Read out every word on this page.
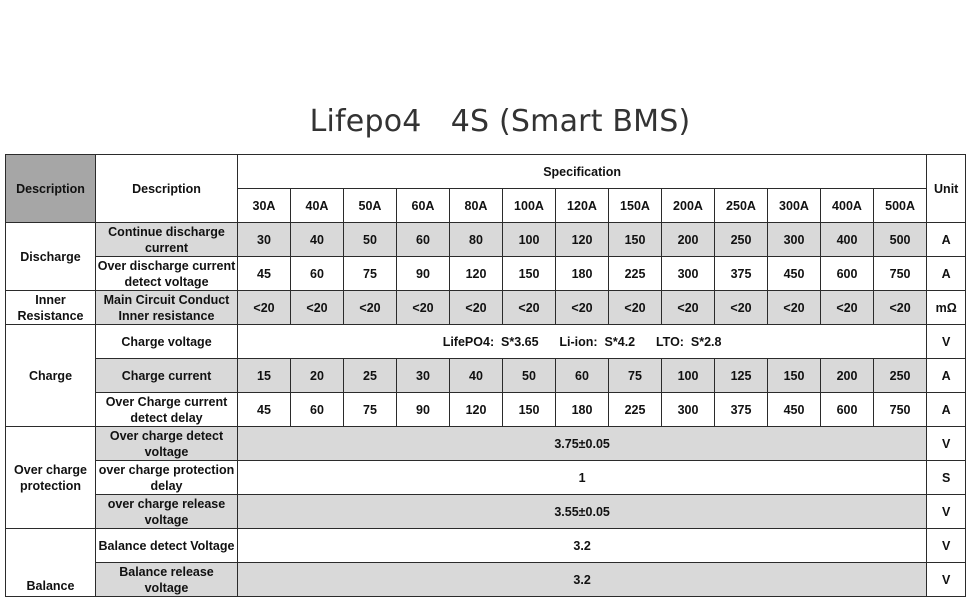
Lifepo4   4S (Smart BMS)
Description	Description	Specification													Unit
		30A	40A	50A	60A	80A	100A	120A	150A	200A	250A	300A	400A	500A	
Discharge	Continue discharge current	30	40	50	60	80	100	120	150	200	250	300	400	500	A
	Over discharge current detect voltage	45	60	75	90	120	150	180	225	300	375	450	600	750	A
Inner Resistance	Main Circuit Conduct Inner resistance	<20	<20	<20	<20	<20	<20	<20	<20	<20	<20	<20	<20	<20	mΩ
Charge	Charge voltage	LifePO4:  S*3.65      Li-ion:  S*4.2      LTO:  S*2.8													V
	Charge current	15	20	25	30	40	50	60	75	100	125	150	200	250	A
	Over Charge current detect delay	45	60	75	90	120	150	180	225	300	375	450	600	750	A
Over charge protection	Over charge detect voltage	3.75±0.05													V
	over charge protection delay	1													S
	over charge release voltage	3.55±0.05													V
Balance	Balance detect Voltage	3.2													V
	Balance release voltage	3.2													V
